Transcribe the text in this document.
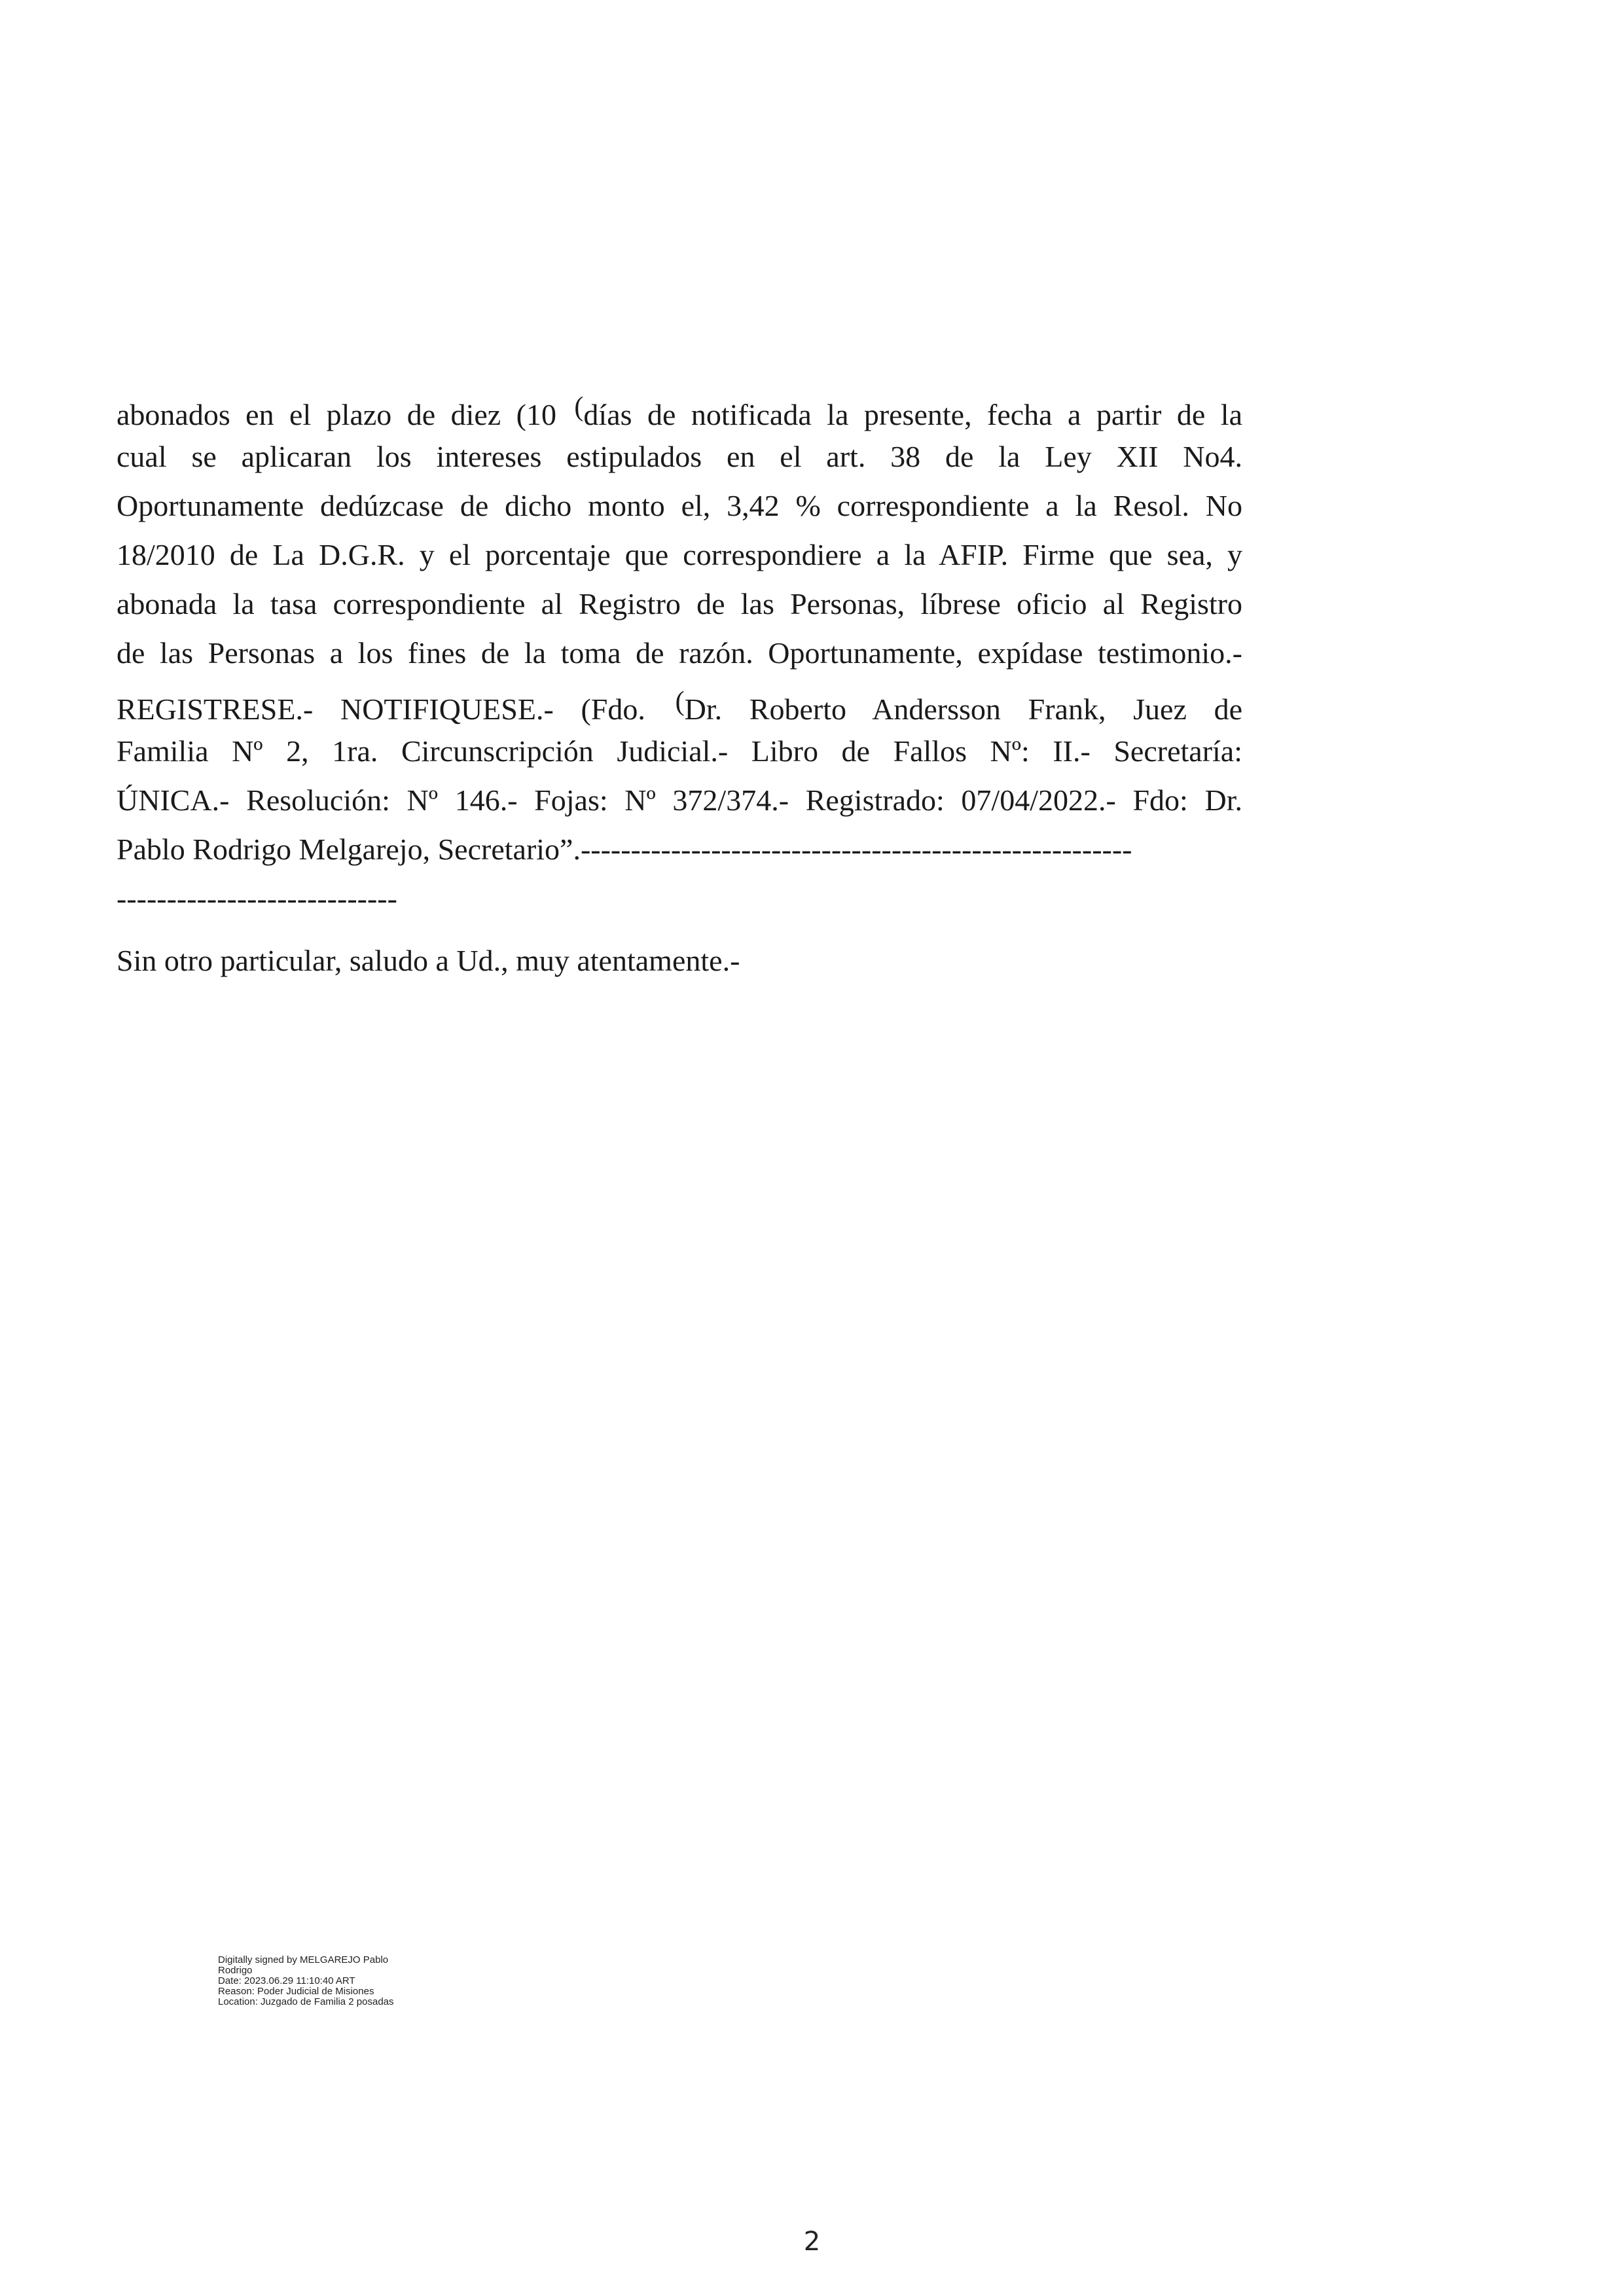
abonados en el plazo de diez (10 (días de notificada la presente, fecha a partir de la
cual se aplicaran los intereses estipulados en el art. 38 de la Ley XII No4.
Oportunamente dedúzcase de dicho monto el, 3,42 % correspondiente a la Resol. No
18/2010 de La D.G.R. y el porcentaje que correspondiere a la AFIP. Firme que sea, y
abonada la tasa correspondiente al Registro de las Personas, líbrese oficio al Registro
de las Personas a los fines de la toma de razón. Oportunamente, expídase testimonio.-
REGISTRESE.- NOTIFIQUESE.- (Fdo. (Dr. Roberto Andersson Frank, Juez de
Familia Nº 2, 1ra. Circunscripción Judicial.- Libro de Fallos Nº: II.- Secretaría:
ÚNICA.- Resolución: Nº 146.- Fojas: Nº 372/374.- Registrado: 07/04/2022.- Fdo: Dr.
Pablo Rodrigo Melgarejo, Secretario”.-------------------------------------------------------
----------------------------
Sin otro particular, saludo a Ud., muy atentamente.-
Digitally signed by MELGAREJO Pablo
Rodrigo
Date: 2023.06.29 11:10:40 ART
Reason: Poder Judicial de Misiones
Location: Juzgado de Familia 2 posadas
2
